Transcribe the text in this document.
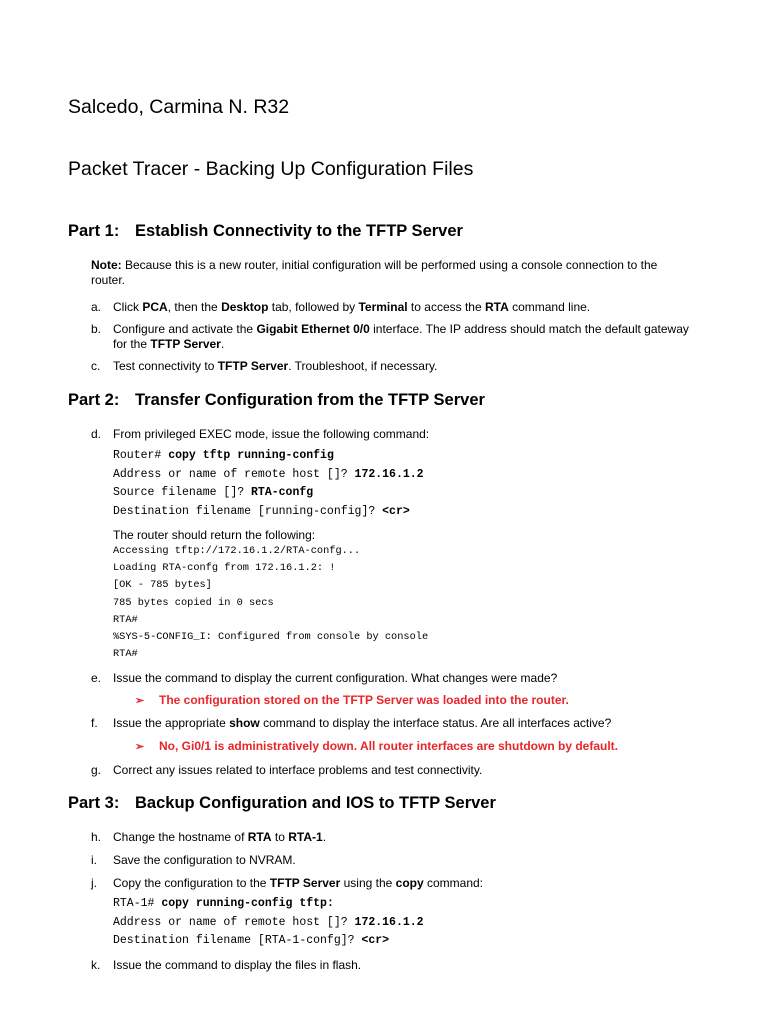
Salcedo, Carmina N. R32
Packet Tracer - Backing Up Configuration Files
Part 1: Establish Connectivity to the TFTP Server
Note: Because this is a new router, initial configuration will be performed using a console connection to the router.
a. Click PCA, then the Desktop tab, followed by Terminal to access the RTA command line.
b. Configure and activate the Gigabit Ethernet 0/0 interface. The IP address should match the default gateway for the TFTP Server.
c.	Test connectivity to TFTP Server. Troubleshoot, if necessary.
Part 2: Transfer Configuration from the TFTP Server
d. From privileged EXEC mode, issue the following command:
Router# copy tftp running-config
Address or name of remote host []? 172.16.1.2
Source filename []? RTA-confg
Destination filename [running-config]? <cr>
The router should return the following:
Accessing tftp://172.16.1.2/RTA-confg...
Loading RTA-confg from 172.16.1.2: !
[OK - 785 bytes]
785 bytes copied in 0 secs
RTA#
%SYS-5-CONFIG_I: Configured from console by console
RTA#
e. Issue the command to display the current configuration. What changes were made?
➢ The configuration stored on the TFTP Server was loaded into the router.
f.	Issue the appropriate show command to display the interface status. Are all interfaces active?
➢ No, Gi0/1 is administratively down. All router interfaces are shutdown by default.
g. Correct any issues related to interface problems and test connectivity.
Part 3: Backup Configuration and IOS to TFTP Server
h. Change the hostname of RTA to RTA-1.
i.	Save the configuration to NVRAM.
j.	Copy the configuration to the TFTP Server using the copy command:
RTA-1# copy running-config tftp:
Address or name of remote host []? 172.16.1.2
Destination filename [RTA-1-confg]? <cr>
k.	Issue the command to display the files in flash.
